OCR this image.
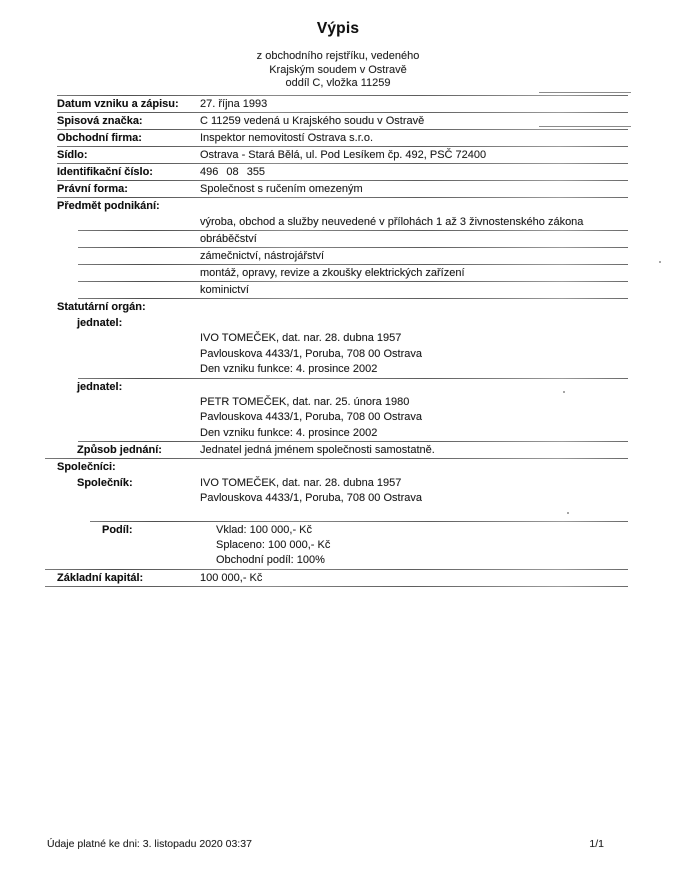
Výpis
z obchodního rejstříku, vedeného
Krajským soudem v Ostravě
oddíl C, vložka 11259
Datum vzniku a zápisu:	27. října 1993
Spisová značka:	C 11259 vedená u Krajského soudu v Ostravě
Obchodní firma:	Inspektor nemovitostí Ostrava s.r.o.
Sídlo:	Ostrava - Stará Bělá, ul. Pod Lesíkem čp. 492, PSČ 72400
Identifikační číslo:	496 08 355
Právní forma:	Společnost s ručením omezeným
Předmět podnikání:
výroba, obchod a služby neuvedené v přílohách 1 až 3 živnostenského zákona
obráběčství
zámečnictví, nástrojářství
montáž, opravy, revize a zkoušky elektrických zařízení
kominictví
Statutární orgán:
jednatel:
IVO TOMEČEK, dat. nar. 28. dubna 1957
Pavlouskova 4433/1, Poruba, 708 00 Ostrava
Den vzniku funkce: 4. prosince 2002
jednatel:
PETR TOMEČEK, dat. nar. 25. února 1980
Pavlouskova 4433/1, Poruba, 708 00 Ostrava
Den vzniku funkce: 4. prosince 2002
Způsob jednání:	Jednatel jedná jménem společnosti samostatně.
Společníci:
Společník:	IVO TOMEČEK, dat. nar. 28. dubna 1957
Pavlouskova 4433/1, Poruba, 708 00 Ostrava
Podíl:	Vklad: 100 000,- Kč
Splaceno: 100 000,- Kč
Obchodní podíl: 100%
Základní kapitál:	100 000,- Kč
Údaje platné ke dni: 3. listopadu 2020 03:37	1/1
